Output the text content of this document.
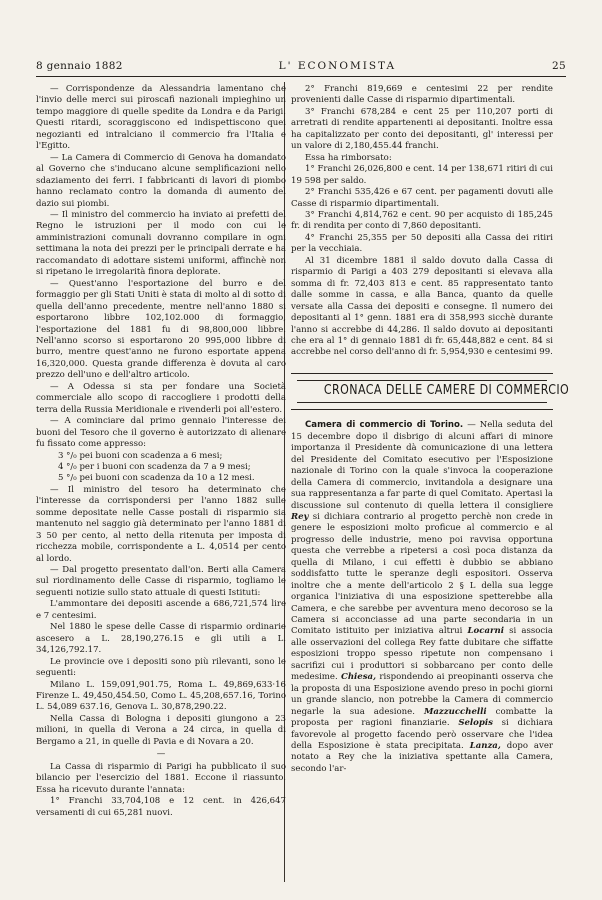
8 gennaio 1882	L' ECONOMISTA	25

— Corrispondenze da Alessandria lamentano che l'invio delle merci sui piroscafi nazionali impieghino un tempo maggiore di quelle spedite da Londra e da Parigi. Questi ritardi, scoraggiscono ed indispettiscono quei negozianti ed intralciano il commercio fra l'Italia e l'Egitto.

— La Camera di Commercio di Genova ha domandato al Governo che s'inducano alcune semplificazioni nello sdaziamento dei ferri. I fabbricanti di lavori di piombo hanno reclamato contro la domanda di aumento del dazio sui piombi.

— Il ministro del commercio ha inviato ai prefetti del Regno le istruzioni per il modo con cui le amministrazioni comunali dovranno compilare in ogni settimana la nota dei prezzi per le principali derrate e ha raccomandato di adottare sistemi uniformi, affinchè non si ripetano le irregolarità finora deplorate.

— Quest'anno l'esportazione del burro e del formaggio per gli Stati Uniti è stata di molto al di sotto di quella dell'anno precedente, mentre nell'anno 1880 si esportarono libbre 102,102.000 di formaggio, l'esportazione del 1881 fu di 98,800,000 libbre. Nell'anno scorso si esportarono 20 995,000 libbre di burro, mentre quest'anno ne furono esportate appena 16,320,000. Questa grande differenza è dovuta al caro prezzo dell'uno e dell'altro articolo.

— A Odessa si sta per fondare una Società commerciale allo scopo di raccogliere i prodotti della terra della Russia Meridionale e rivenderli poi all'estero.

— A cominciare dal primo gennaio l'interesse dei buoni del Tesoro che il governo è autorizzato di alienare fu fissato come appresso:

3 °/₀ pei buoni con scadenza a 6 mesi;

4 °/₀ per i buoni con scadenza da 7 a 9 mesi;

5 °/₀ pei buoni con scadenza da 10 a 12 mesi.

— Il ministro del tesoro ha determinato che l'interesse da corrispondersi per l'anno 1882 sulle somme depositate nelle Casse postali di risparmio sia mantenuto nel saggio già determinato per l'anno 1881 di 3 50 per cento, al netto della ritenuta per imposta di ricchezza mobile, corrispondente a L. 4,0514 per cento al lordo.

— Dal progetto presentato dall'on. Berti alla Camera sul riordinamento delle Casse di risparmio, togliamo le seguenti notizie sullo stato attuale di questi Istituti:

L'ammontare dei depositi ascende a 686,721,574 lire e 7 centesimi.

Nel 1880 le spese delle Casse di risparmio ordinarie ascesero a L. 28,190,276.15 e gli utili a L. 34,126,792.17.

Le provincie ove i depositi sono più rilevanti, sono le seguenti:

Milano L. 159,091,901.75, Roma L. 49,869,633·16 Firenze L. 49,450,454.50, Como L. 45,208,657.16, Torino L. 54,089 637.16, Genova L. 30,878,290.22.

Nella Cassa di Bologna i depositi giungono a 23 milioni, in quella di Verona a 24 circa, in quella di Bergamo a 21, in quelle di Pavia e di Novara a 20.

—

La Cassa di risparmio di Parigi ha pubblicato il suo bilancio per l'esercizio del 1881. Eccone il riassunto. Essa ha ricevuto durante l'annata:

1° Franchi 33,704,108 e 12 cent. in 426,647 versamenti di cui 65,281 nuovi.

2° Franchi 819,669 e centesimi 22 per rendite provenienti dalle Casse di risparmio dipartimentali.

3° Franchi 678,284 e cent 25 per 110,207 porti di arretrati di rendite appartenenti ai depositanti. Inoltre essa ha capitalizzato per conto dei depositanti, gl' interessi per un valore di 2,180,455.44 franchi.

Essa ha rimborsato:

1° Franchi 26,026,800 e cent. 14 per 138,671 ritiri di cui 19 598 per saldo.

2° Franchi 535,426 e 67 cent. per pagamenti dovuti alle Casse di risparmio dipartimentali.

3° Franchi 4,814,762 e cent. 90 per acquisto di 185,245 fr. di rendita per conto di 7,860 depositanti.

4° Franchi 25,355 per 50 depositi alla Cassa dei ritiri per la vecchiaia.

Al 31 dicembre 1881 il saldo dovuto dalla Cassa di risparmio di Parigi a 403 279 depositanti si elevava alla somma di fr. 72,403 813 e cent. 85 rappresentato tanto dalle somme in cassa, e alla Banca, quanto da quelle versate alla Cassa dei depositi e consegne. Il numero dei depositanti al 1° genn. 1881 era di 358,993 sicchè durante l'anno si accrebbe di 44,286. Il saldo dovuto ai depositanti che era al 1° di gennaio 1881 di fr. 65,448,882 e cent. 84 si accrebbe nel corso dell'anno di fr. 5,954,930 e centesimi 99.

CRONACA DELLE CAMERE DI COMMERCIO

Camera di commercio di Torino. — Nella seduta del 15 decembre dopo il disbrigo di alcuni affari di minore importanza il Presidente dà comunicazione di una lettera del Presidente del Comitato esecutivo per l'Esposizione nazionale di Torino con la quale s'invoca la cooperazione della Camera di commercio, invitandola a designare una sua rappresentanza a far parte di quel Comitato. Apertasi la discussione sul contenuto di quella lettera il consigliere Rey si dichiara contrario al progetto perchè non crede in genere le esposizioni molto proficue al commercio e al progresso delle industrie, meno poi ravvisa opportuna questa che verrebbe a ripetersi a così poca distanza da quella di Milano, i cui effetti è dubbio se abbiano soddisfatto tutte le speranze degli espositori. Osserva inoltre che a mente dell'articolo 2 § L della sua legge organica l'iniziativa di una esposizione spetterebbe alla Camera, e che sarebbe per avventura meno decoroso se la Camera si acconciasse ad una parte secondaria in un Comitato istituito per iniziativa altrui Locarni si associa alle osservazioni del collega Rey fatte dubitare che siffatte esposizioni troppo spesso ripetute non compensano i sacrifizi cui i produttori si sobbarcano per conto delle medesime. Chiesa, rispondendo ai preopinanti osserva che la proposta di una Esposizione avendo preso in pochi giorni un grande slancio, non potrebbe la Camera di commercio negarle la sua adesione. Mazzucchelli combatte la proposta per ragioni finanziarie. Selopis si dichiara favorevole al progetto facendo però osservare che l'idea della Esposizione è stata precipitata. Lanza, dopo aver notato a Rey che la iniziativa spettante alla Camera, secondo l'ar-
